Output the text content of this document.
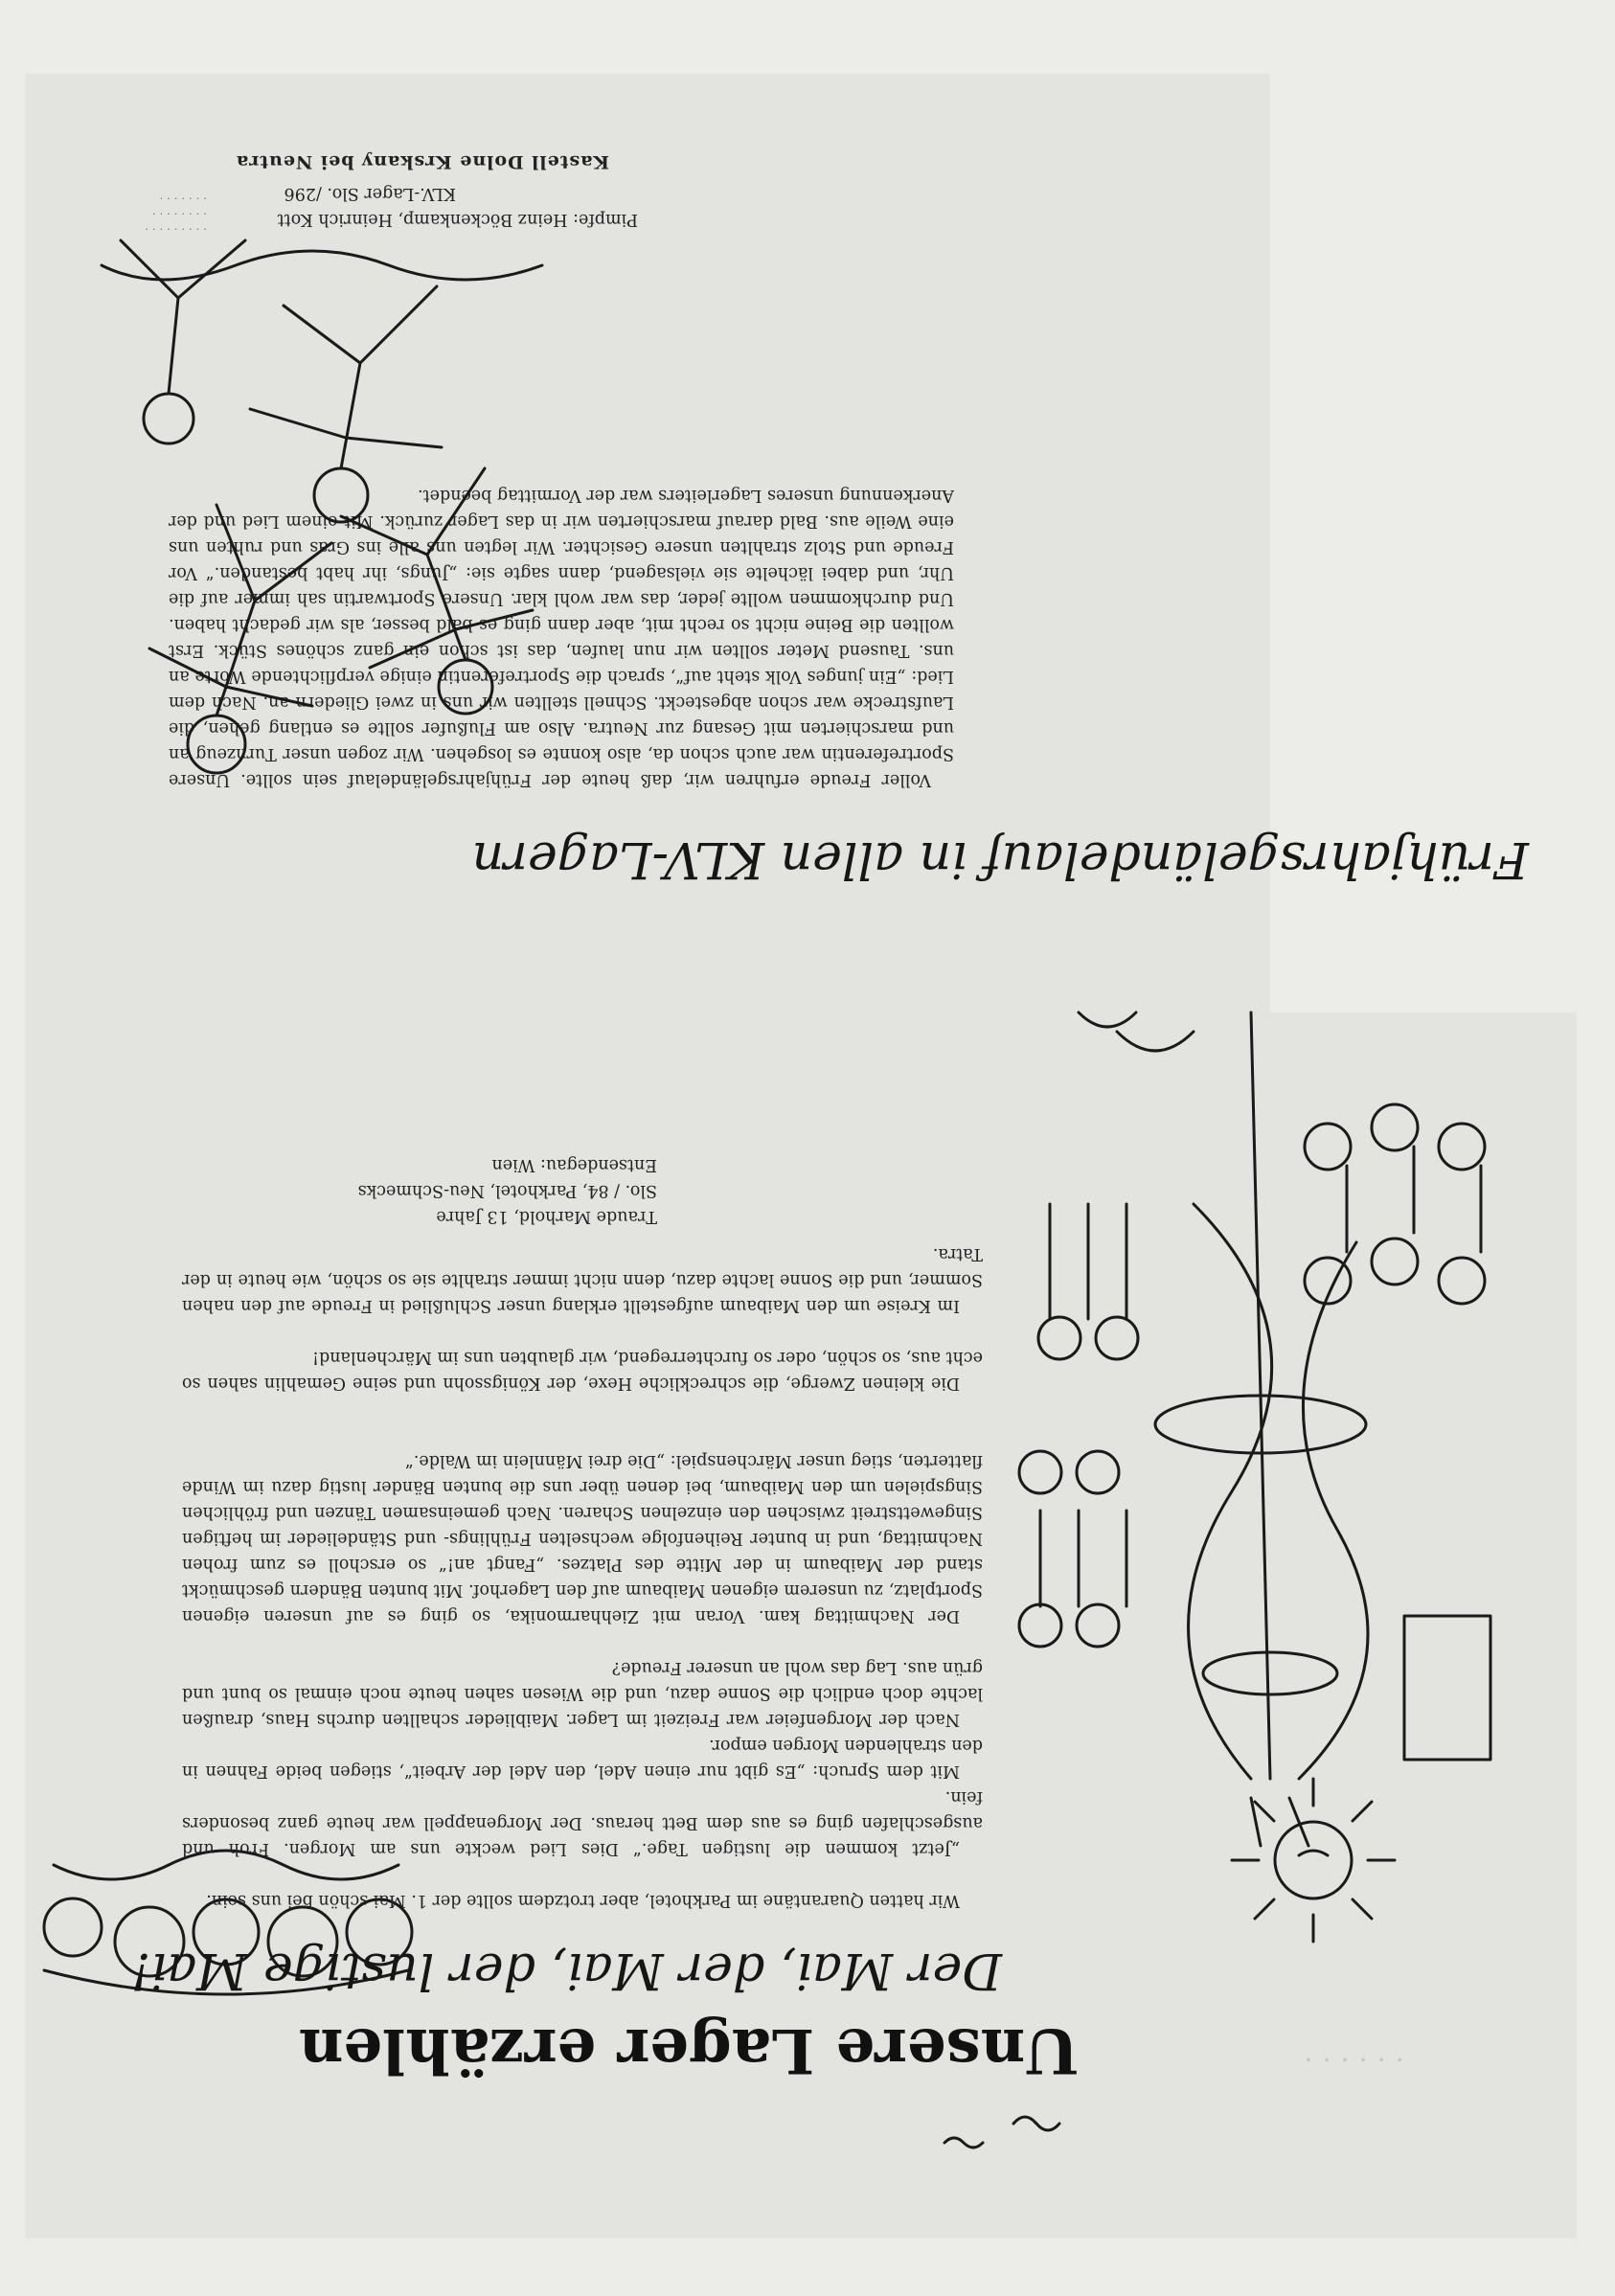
· · · · · ·
Unsere Lager erzählen
Der Mai, der Mai, der lustige Mai!

Wir hatten Quarantäne im Parkhotel, aber trotzdem sollte der 1. Mai schön bei uns sein.

„Jetzt kommen die lustigen Tage.“ Dies Lied weckte uns am Morgen. Froh und ausgeschlafen ging es aus dem Bett heraus. Der Morgenappell war heute ganz besonders fein.

Mit dem Spruch: „Es gibt nur einen Adel, den Adel der Arbeit“, stiegen beide Fahnen in den strahlenden Morgen empor.

Nach der Morgenfeier war Freizeit im Lager. Maiblieder schallten durchs Haus, draußen lachte doch endlich die Sonne dazu, und die Wiesen sahen heute noch einmal so bunt und grün aus. Lag das wohl an unserer Freude?

Der Nachmittag kam. Voran mit Ziehharmonika, so ging es auf unseren eigenen Sportplatz, zu unserem eigenen Maibaum auf den Lagerhof. Mit bunten Bändern geschmückt stand der Maibaum in der Mitte des Platzes. „Fangt an!“ so erscholl es zum frohen Nachmittag, und in bunter Reihenfolge wechselten Frühlings- und Ständelieder im heftigen Singewettstreit zwischen den einzelnen Scharen. Nach gemeinsamen Tänzen und fröhlichen Singspielen um den Maibaum, bei denen über uns die bunten Bänder lustig dazu im Winde flatterten, stieg unser Märchenspiel: „Die drei Männlein im Walde.“

Die kleinen Zwerge, die schreckliche Hexe, der Königssohn und seine Gemahlin sahen so echt aus, so schön, oder so furchterregend, wir glaubten uns im Märchenland!

Im Kreise um den Maibaum aufgestellt erklang unser Schlußlied in Freude auf den nahen Sommer, und die Sonne lachte dazu, denn nicht immer strahlte sie so schön, wie heute in der Tatra.

Traude Marhold, 13 Jahre
Slo. / 84, Parkhotel, Neu-Schmecks
Entsendegau: Wien
Frühjahrsgeländelauf in allen KLV-Lagern

Voller Freude erfuhren wir, daß heute der Frühjahrsgeländelauf sein sollte. Unsere Sportreferentin war auch schon da, also konnte es losgehen. Wir zogen unser Turnzeug an und marschierten mit Gesang zur Neutra. Also am Flußufer sollte es entlang gehen, die Laufstrecke war schon abgesteckt. Schnell stellten wir uns in zwei Gliedern an. Nach dem Lied: „Ein junges Volk steht auf“, sprach die Sportreferentin einige verpflichtende Worte an uns. Tausend Meter sollten wir nun laufen, das ist schon ein ganz schönes Stück. Erst wollten die Beine nicht so recht mit, aber dann ging es bald besser, als wir gedacht haben. Und durchkommen wollte jeder, das war wohl klar. Unsere Sportwartin sah immer auf die Uhr, und dabei lächelte sie vielsagend, dann sagte sie: „Jungs, ihr habt bestanden.“ Vor Freude und Stolz strahlten unsere Gesichter. Wir legten uns alle ins Gras und ruhten uns eine Weile aus. Bald darauf marschierten wir in das Lager zurück. Mit einem Lied und der Anerkennung unseres Lagerleiters war der Vormittag beendet.

Pimpfe: Heinz Böckenkamp, Heinrich Kott
KLV.-Lager Slo. /296
Kastell Dolne Krskany bei Neutra
· · · · · · · · ·
· · · · · · · ·
· · · · · · ·
